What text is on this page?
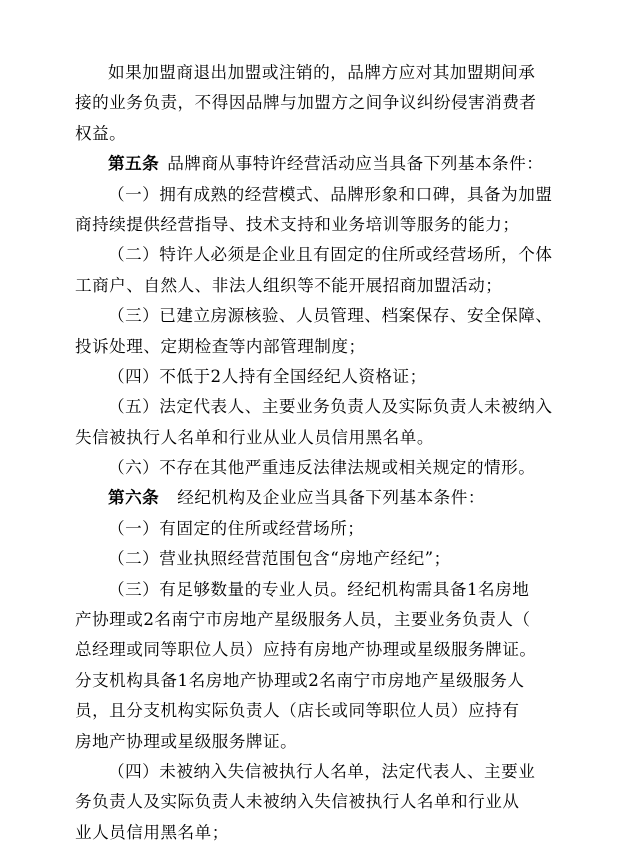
如果加盟商退出加盟或注销的，品牌方应对其加盟期间承
接的业务负责，不得因品牌与加盟方之间争议纠纷侵害消费者
权益。
第五条 品牌商从事特许经营活动应当具备下列基本条件：
（一）拥有成熟的经营模式、品牌形象和口碑，具备为加盟
商持续提供经营指导、技术支持和业务培训等服务的能力；
（二）特许人必须是企业且有固定的住所或经营场所，个体
工商户、自然人、非法人组织等不能开展招商加盟活动；
（三）已建立房源核验、人员管理、档案保存、安全保障、
投诉处理、定期检查等内部管理制度；
（四）不低于2人持有全国经纪人资格证；
（五）法定代表人、主要业务负责人及实际负责人未被纳入
失信被执行人名单和行业从业人员信用黑名单。
（六）不存在其他严重违反法律法规或相关规定的情形。
第六条 经纪机构及企业应当具备下列基本条件：
（一）有固定的住所或经营场所；
（二）营业执照经营范围包含“房地产经纪”；
（三）有足够数量的专业人员。经纪机构需具备1名房地
产协理或2名南宁市房地产星级服务人员，主要业务负责人（
总经理或同等职位人员）应持有房地产协理或星级服务牌证。
分支机构具备1名房地产协理或2名南宁市房地产星级服务人
员，且分支机构实际负责人（店长或同等职位人员）应持有
房地产协理或星级服务牌证。
（四）未被纳入失信被执行人名单，法定代表人、主要业
务负责人及实际负责人未被纳入失信被执行人名单和行业从
业人员信用黑名单；
